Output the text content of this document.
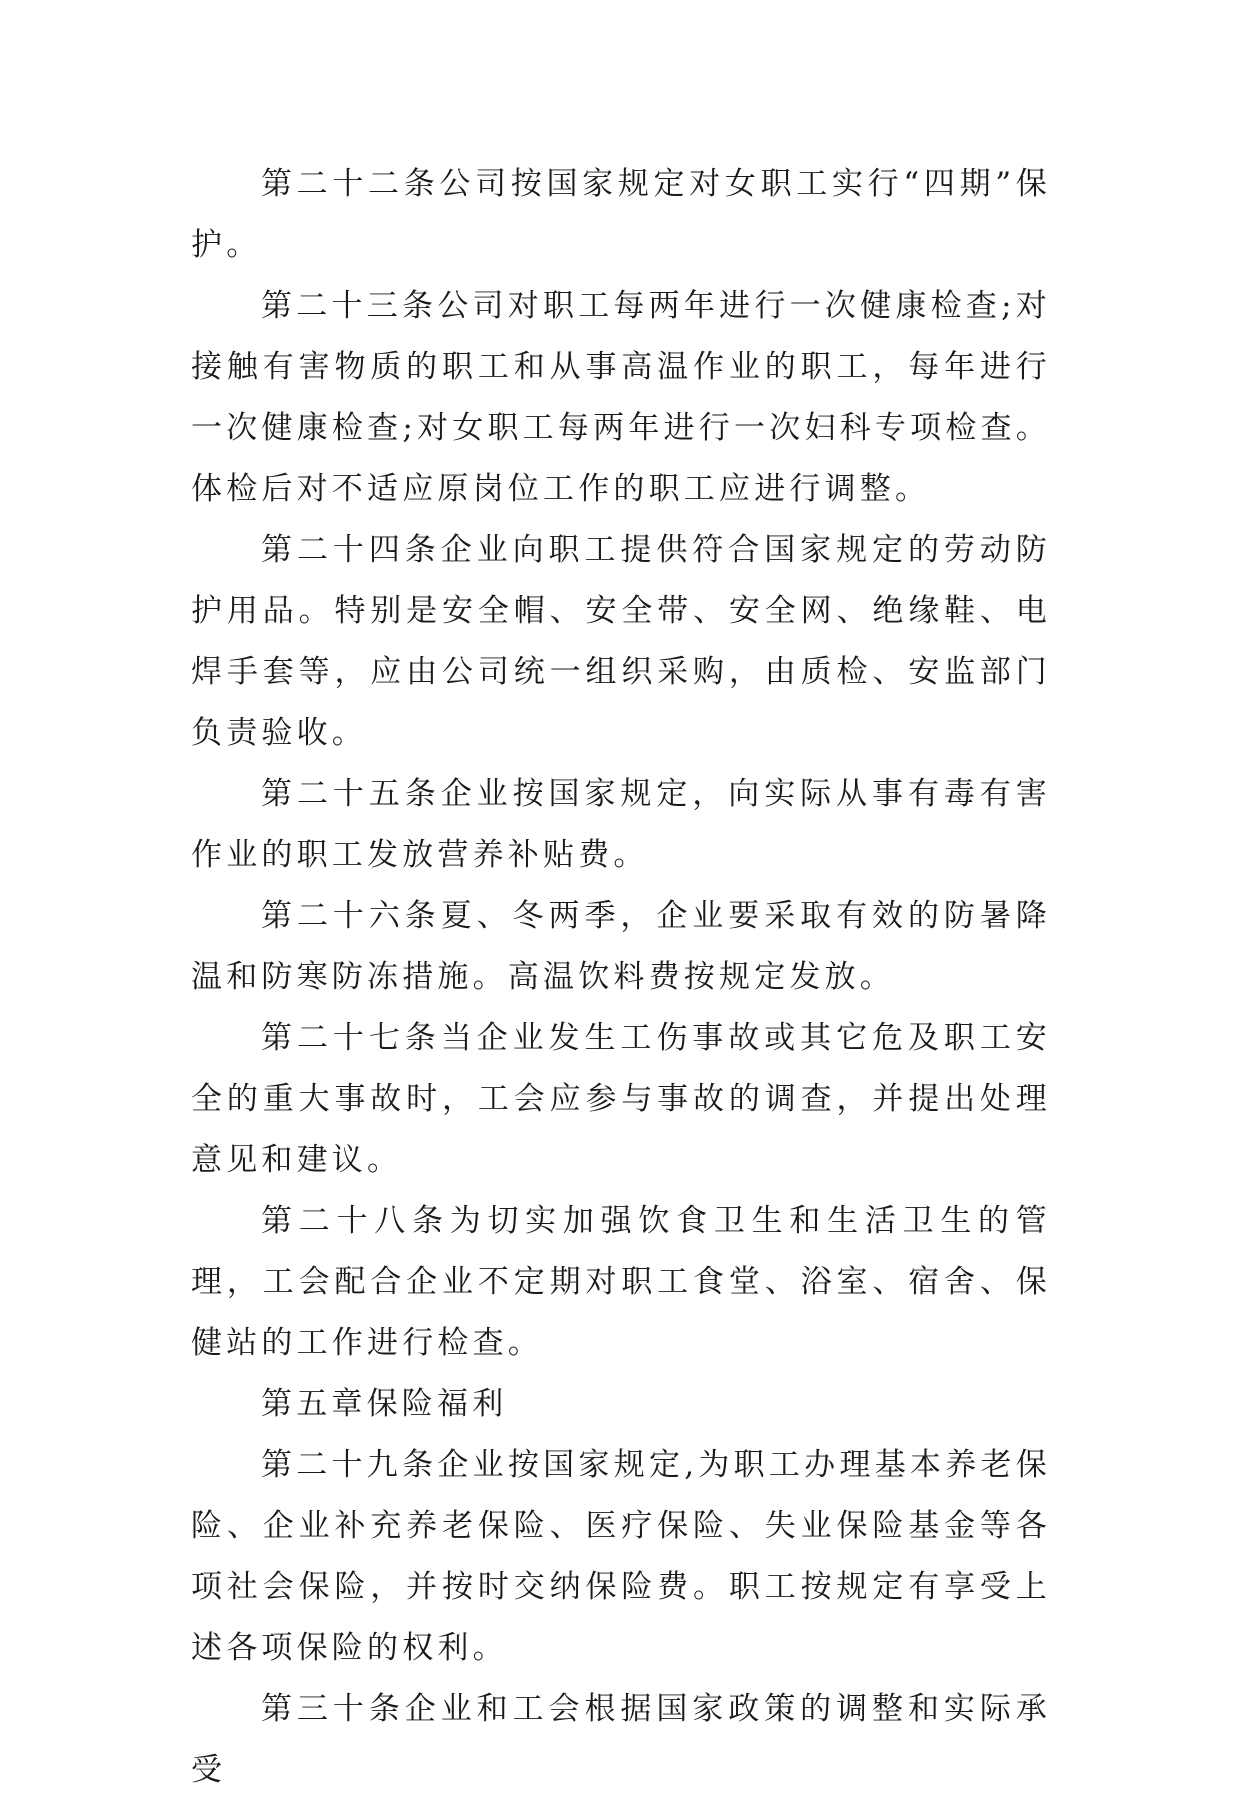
第二十二条公司按国家规定对女职工实行“四期”保护。

第二十三条公司对职工每两年进行一次健康检查;对接触有害物质的职工和从事高温作业的职工，每年进行一次健康检查;对女职工每两年进行一次妇科专项检查。体检后对不适应原岗位工作的职工应进行调整。

第二十四条企业向职工提供符合国家规定的劳动防护用品。特别是安全帽、安全带、安全网、绝缘鞋、电焊手套等，应由公司统一组织采购，由质检、安监部门负责验收。

第二十五条企业按国家规定，向实际从事有毒有害作业的职工发放营养补贴费。

第二十六条夏、冬两季，企业要采取有效的防暑降温和防寒防冻措施。高温饮料费按规定发放。

第二十七条当企业发生工伤事故或其它危及职工安全的重大事故时，工会应参与事故的调查，并提出处理意见和建议。

第二十八条为切实加强饮食卫生和生活卫生的管理，工会配合企业不定期对职工食堂、浴室、宿舍、保健站的工作进行检查。

第五章保险福利

第二十九条企业按国家规定,为职工办理基本养老保险、企业补充养老保险、医疗保险、失业保险基金等各项社会保险，并按时交纳保险费。职工按规定有享受上述各项保险的权利。

第三十条企业和工会根据国家政策的调整和实际承受
